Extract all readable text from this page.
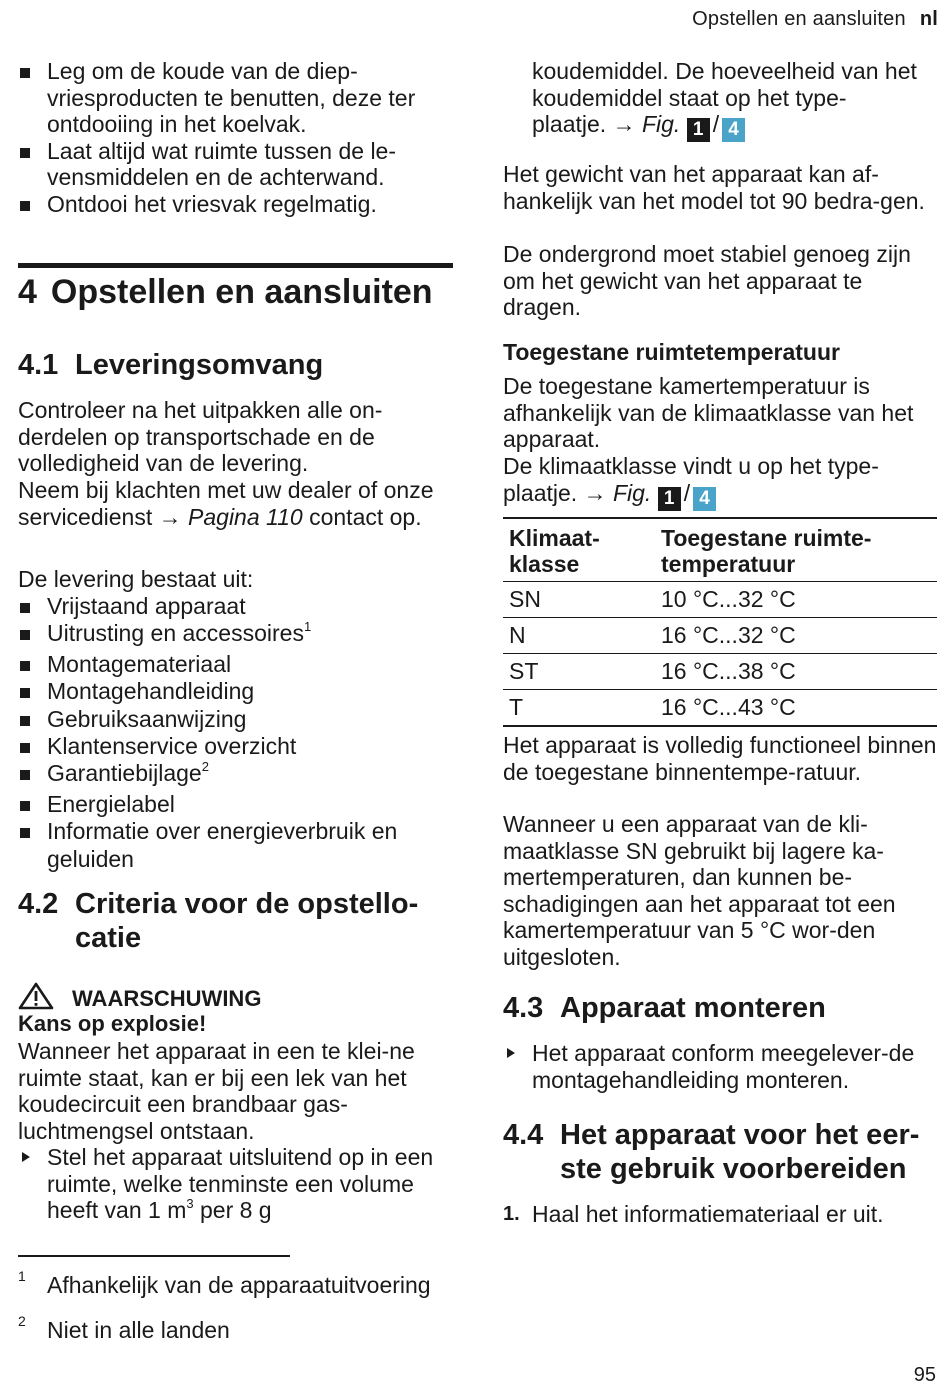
Opstellen en aansluiten nl
Leg om de koude van de diep-vriesproducten te benutten, deze ter ontdooiing in het koelvak.
Laat altijd wat ruimte tussen de le-vensmiddelen en de achterwand.
Ontdooi het vriesvak regelmatig.
4 Opstellen en aansluiten
4.1 Leveringsomvang
Controleer na het uitpakken alle on-derdelen op transportschade en de volledigheid van de levering.
Neem bij klachten met uw dealer of onze servicedienst → Pagina 110 contact op.
De levering bestaat uit:
Vrijstaand apparaat
Uitrusting en accessoires$^1$
Montagemateriaal
Montagehandleiding
Gebruiksaanwijzing
Klantenservice overzicht
Garantiebijlage$^2$
Energielabel
Informatie over energieverbruik en geluiden
4.2 Criteria voor de opstello-catie
WAARSCHUWING
Kans op explosie!
Wanneer het apparaat in een te klei-ne ruimte staat, kan er bij een lek van het koudecircuit een brandbaar gas-luchtmengsel ontstaan.
Stel het apparaat uitsluitend op in een ruimte, welke tenminste een volume heeft van 1 $m^3$ per 8 g
1 Afhankelijk van de apparaatuitvoering
2 Niet in alle landen
koudemiddel. De hoeveelheid van het koudemiddel staat op het type-
plaatje. → Fig. 1 / 4
Het gewicht van het apparaat kan af-hankelijk van het model tot 90 bedra-gen.
De ondergrond moet stabiel genoeg zijn om het gewicht van het apparaat te dragen.
Toegestane ruimtetemperatuur
De toegestane kamertemperatuur is afhankelijk van de klimaatklasse van het apparaat.
De klimaatklasse vindt u op het type-
plaatje. → Fig. 1 / 4
Klimaat-klasse	Toegestane ruimte-temperatuur
SN	10 °C...32 °C
N	16 °C...32 °C
ST	16 °C...38 °C
T	16 °C...43 °C
Het apparaat is volledig functioneel binnen de toegestane binnentempe-ratuur.
Wanneer u een apparaat van de kli-maatklasse SN gebruikt bij lagere ka-mertemperaturen, dan kunnen be-schadigingen aan het apparaat tot een kamertemperatuur van 5 °C wor-den uitgesloten.
4.3 Apparaat monteren
Het apparaat conform meegelever-de montagehandleiding monteren.
4.4 Het apparaat voor het eer-ste gebruik voorbereiden
1. Haal het informatiemateriaal er uit.
95
